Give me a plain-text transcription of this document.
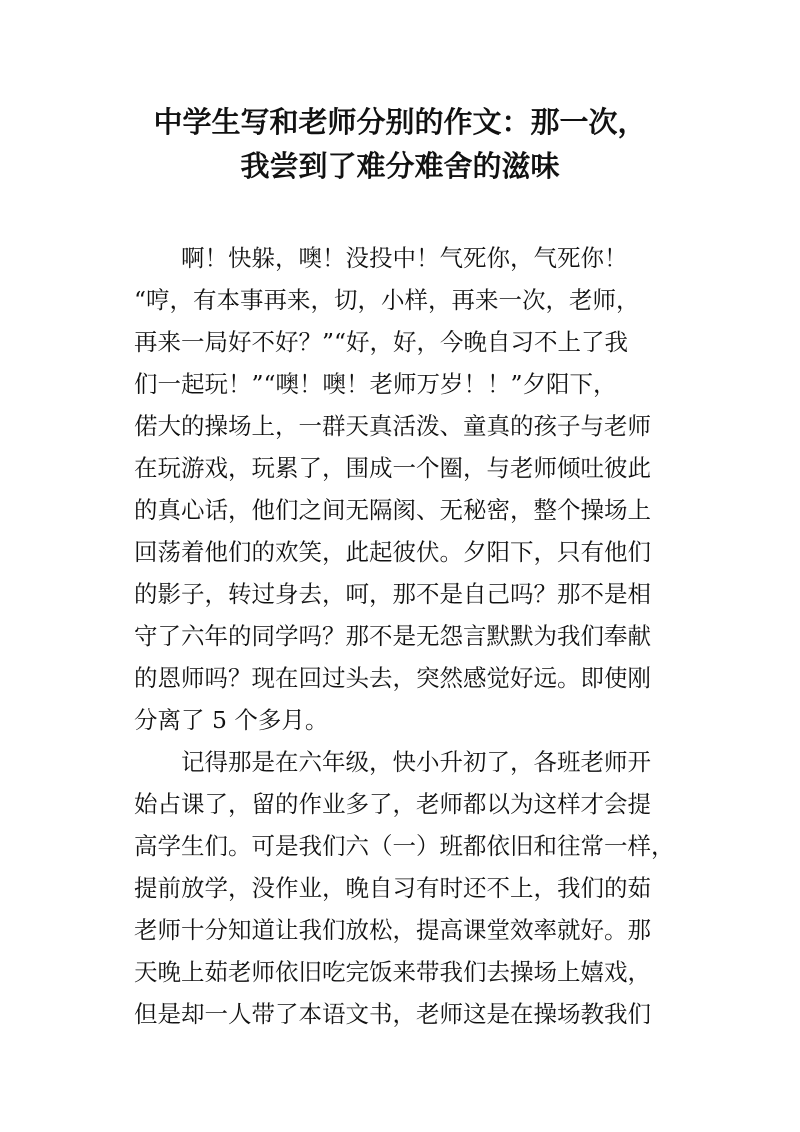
中学生写和老师分别的作文：那一次，
我尝到了难分难舍的滋味

啊！快躲，噢！没投中！气死你，气死你！

“哼，有本事再来，切，小样，再来一次，老师，

再来一局好不好？”“好，好，今晚自习不上了我

们一起玩！”“噢！噢！老师万岁！！”夕阳下，

偌大的操场上，一群天真活泼、童真的孩子与老师

在玩游戏，玩累了，围成一个圈，与老师倾吐彼此

的真心话，他们之间无隔阂、无秘密，整个操场上

回荡着他们的欢笑，此起彼伏。夕阳下，只有他们

的影子，转过身去，呵，那不是自己吗？那不是相

守了六年的同学吗？那不是无怨言默默为我们奉献

的恩师吗？现在回过头去，突然感觉好远。即使刚

分离了 5 个多月。

记得那是在六年级，快小升初了，各班老师开

始占课了，留的作业多了，老师都以为这样才会提

高学生们。可是我们六（一）班都依旧和往常一样，

提前放学，没作业，晚自习有时还不上，我们的茹

老师十分知道让我们放松，提高课堂效率就好。那

天晚上茹老师依旧吃完饭来带我们去操场上嬉戏，

但是却一人带了本语文书，老师这是在操场教我们
